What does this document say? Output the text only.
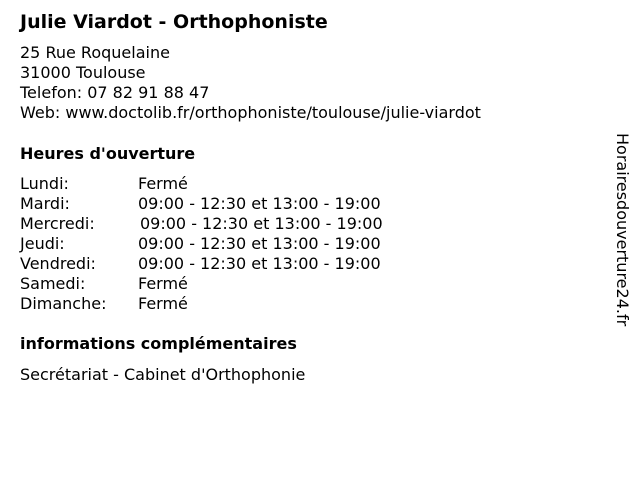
Julie Viardot - Orthophoniste
25 Rue Roquelaine
31000 Toulouse
Telefon: 07 82 91 88 47
Web: www.doctolib.fr/orthophoniste/toulouse/julie-viardot
Heures d'ouverture
Lundi:	Fermé
Mardi:	09:00 - 12:30 et 13:00 - 19:00
Mercredi:	09:00 - 12:30 et 13:00 - 19:00
Jeudi:	09:00 - 12:30 et 13:00 - 19:00
Vendredi:	09:00 - 12:30 et 13:00 - 19:00
Samedi:	Fermé
Dimanche: Fermé
informations complémentaires
Secrétariat - Cabinet d'Orthophonie
Horairesdouverture24.fr
